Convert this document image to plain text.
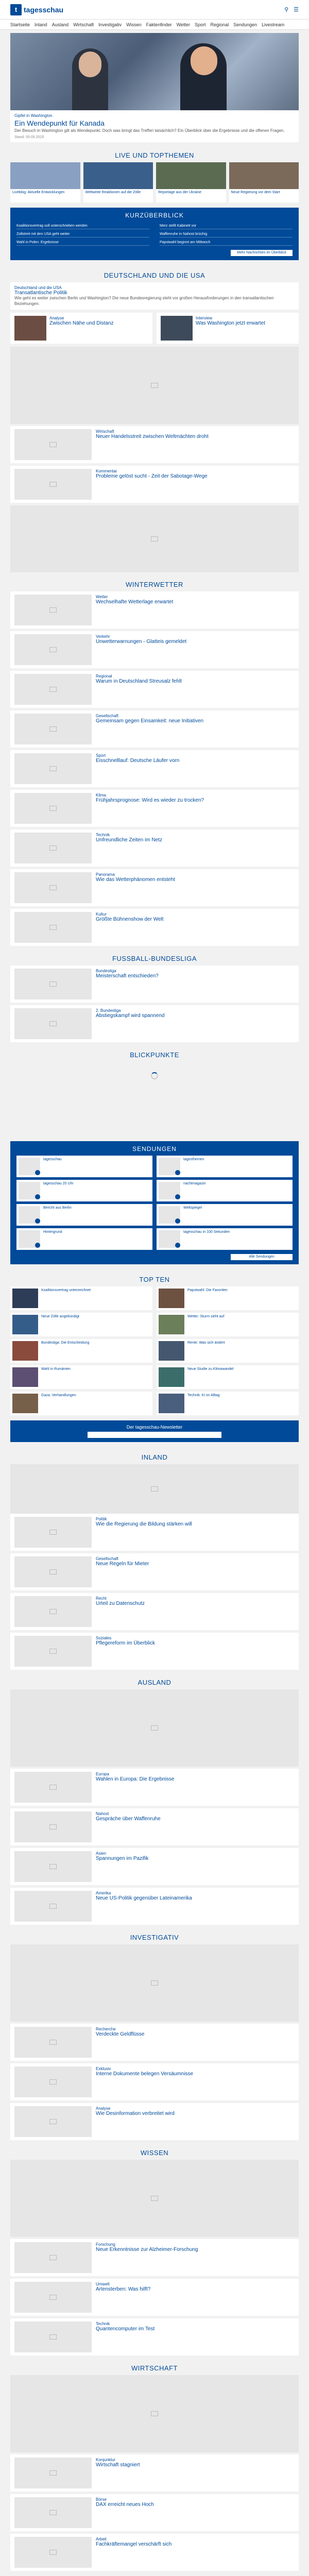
t tagesschau	⚲ ☰
Startseite Inland Ausland Wirtschaft Investigativ Wissen Faktenfinder Wetter Sport Regional Sendungen Livestream
Gipfel in Washington
Ein Wendepunkt für Kanada

Der Besuch in Washington gilt als Wendepunkt. Doch was bringt das Treffen tatsächlich? Ein Überblick über die Ergebnisse und die offenen Fragen.

Stand: 05.05.2025
LIVE UND TOPTHEMEN
Liveblog: Aktuelle Entwicklungen	Weltweite Reaktionen auf die Zölle	Reportage aus der Ukraine	Neue Regierung vor dem Start
KURZÜBERBLICK
Koalitionsvertrag soll unterschrieben werden	Merz stellt Kabinett vor
Zollstreit mit den USA geht weiter	Waffenruhe in Nahost brüchig
Wahl in Polen: Ergebnisse	Papstwahl beginnt am Mittwoch
Mehr Nachrichten im Überblick
DEUTSCHLAND UND DIE USA
Deutschland und die USA
Transatlantische Politik

Wie geht es weiter zwischen Berlin und Washington? Die neue Bundesregierung steht vor großen Herausforderungen in den transatlantischen Beziehungen.

Analyse
Zwischen Nähe und Distanz
Interview
Was Washington jetzt erwartet
Wirtschaft
Neuer Handelsstreit zwischen Weltmächten droht
Kommentar
Probleme gelöst sucht - Zeit der Sabotage-Wege
WINTERWETTER
Wetter
Wechselhafte Wetterlage erwartet
Verkehr
Unwetterwarnungen - Glatteis gemeldet
Regional
Warum in Deutschland Streusalz fehlt
Gesellschaft
Gemeinsam gegen Einsamkeit: neue Initiativen
Sport
Eisschnelllauf: Deutsche Läufer vorn
Klima
Frühjahrsprognose: Wird es wieder zu trocken?
Technik
Unfreundliche Zeiten im Netz
Panorama
Wie das Wetterphänomen entsteht
Kultur
Größte Bühnenshow der Welt
FUSSBALL-BUNDESLIGA
Bundesliga
Meisterschaft entschieden?
2. Bundesliga
Abstiegskampf wird spannend
BLICKPUNKTE
SENDUNGEN
tagesschau	tagesthemen
tagesschau 20 Uhr	nachtmagazin
Bericht aus Berlin	Weltspiegel
Hintergrund	tagesschau in 100 Sekunden
Alle Sendungen
TOP TEN
Koalitionsvertrag unterzeichnet	Papstwahl: Die Favoriten
Neue Zölle angekündigt	Wetter: Sturm zieht auf
Bundesliga: Die Entscheidung	Rente: Was sich ändert
Wahl in Rumänien	Neue Studie zu Klimawandel
Gaza: Verhandlungen	Technik: KI im Alltag
Der tagesschau-Newsletter
INLAND
Politik
Wie die Regierung die Bildung stärken will
Gesellschaft
Neue Regeln für Mieter
Recht
Urteil zu Datenschutz
Soziales
Pflegereform im Überblick
AUSLAND
Europa
Wahlen in Europa: Die Ergebnisse
Nahost
Gespräche über Waffenruhe
Asien
Spannungen im Pazifik
Amerika
Neue US-Politik gegenüber Lateinamerika
INVESTIGATIV
Recherche
Verdeckte Geldflüsse
Exklusiv
Interne Dokumente belegen Versäumnisse
Analyse
Wie Desinformation verbreitet wird
WISSEN
Forschung
Neue Erkenntnisse zur Alzheimer-Forschung
Umwelt
Artensterben: Was hilft?
Technik
Quantencomputer im Test
WIRTSCHAFT
Konjunktur
Wirtschaft stagniert
Börse
DAX erreicht neues Hoch
Arbeit
Fachkräftemangel verschärft sich
